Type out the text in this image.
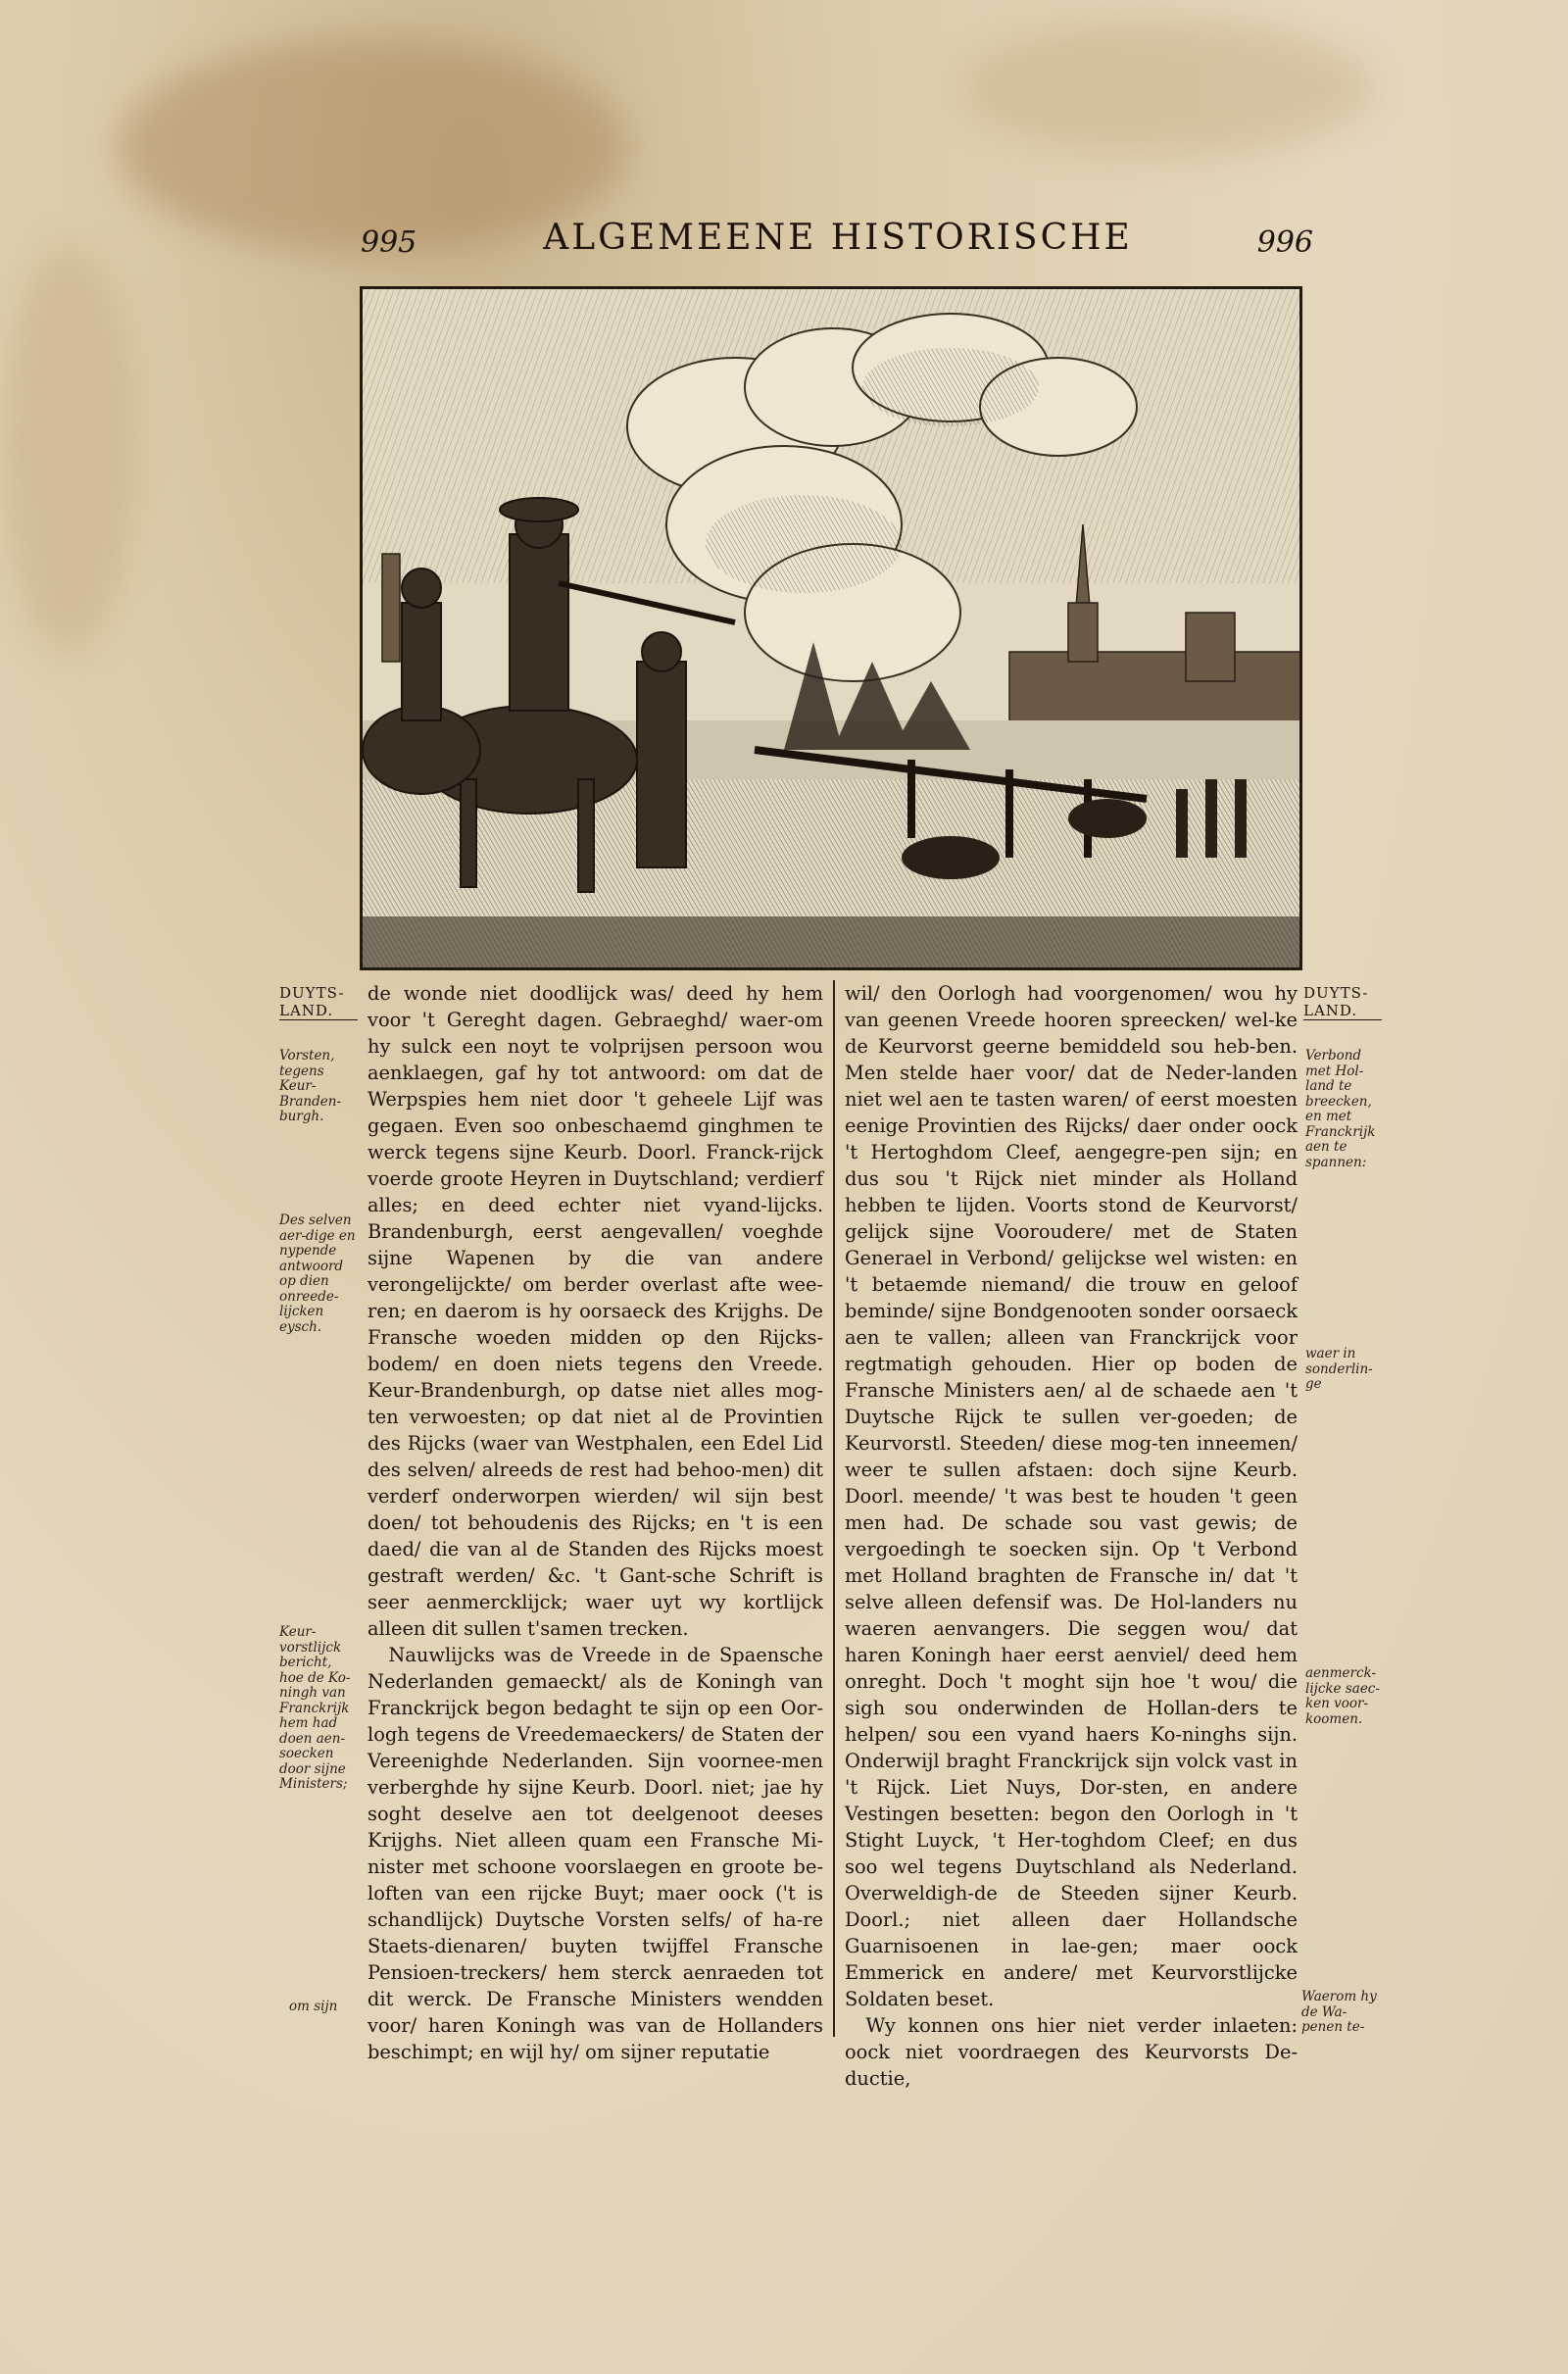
995	ALGEMEENE HISTORISCHE	996
DUYTS-LAND.
DUYTS-LAND.
Vorsten, tegens Keur-Branden-burgh.
Des selven aer-dige en nypende antwoord op dien onreede-lijcken eysch.
Keur-vorstlijck bericht, hoe de Ko-ningh van Franckrijk hem had doen aen-soecken door sijne Ministers;
om sijn
Verbond met Hol-land te breecken, en met Franckrijk aen te spannen:
waer in sonderlin-ge
aenmerck-lijcke saec-ken voor-koomen.
Waerom hy de Wa-penen te-

de wonde niet doodlijck was/ deed hy hem voor 't Gereght dagen. Gebraeghd/ waer-om hy sulck een noyt te volprijsen persoon wou aenklaegen, gaf hy tot antwoord: om dat de Werpspies hem niet door 't geheele Lijf was gegaen. Even soo onbeschaemd ginghmen te werck tegens sijne Keurb. Doorl. Franck-rijck voerde groote Heyren in Duytschland; verdierf alles; en deed echter niet vyand-lijcks. Brandenburgh, eerst aengevallen/ voeghde sijne Wapenen by die van andere verongelijckte/ om berder overlast afte wee-ren; en daerom is hy oorsaeck des Krijghs. De Fransche woeden midden op den Rijcks-bodem/ en doen niets tegens den Vreede. Keur-Brandenburgh, op datse niet alles mog-ten verwoesten; op dat niet al de Provintien des Rijcks (waer van Westphalen, een Edel Lid des selven/ alreeds de rest had behoo-men) dit verderf onderworpen wierden/ wil sijn best doen/ tot behoudenis des Rijcks; en 't is een daed/ die van al de Standen des Rijcks moest gestraft werden/ &c. 't Gant-sche Schrift is seer aenmercklijck; waer uyt wy kortlijck alleen dit sullen t'samen trecken.

Nauwlijcks was de Vreede in de Spaensche Nederlanden gemaeckt/ als de Koningh van Franckrijck begon bedaght te sijn op een Oor-logh tegens de Vreedemaeckers/ de Staten der Vereenighde Nederlanden. Sijn voornee-men verberghde hy sijne Keurb. Doorl. niet; jae hy soght deselve aen tot deelgenoot deeses Krijghs. Niet alleen quam een Fransche Mi-nister met schoone voorslaegen en groote be-loften van een rijcke Buyt; maer oock ('t is schandlijck) Duytsche Vorsten selfs/ of ha-re Staets-dienaren/ buyten twijffel Fransche Pensioen-treckers/ hem sterck aenraeden tot dit werck. De Fransche Ministers wendden voor/ haren Koningh was van de Hollanders beschimpt; en wijl hy/ om sijner reputatie

wil/ den Oorlogh had voorgenomen/ wou hy van geenen Vreede hooren spreecken/ wel-ke de Keurvorst geerne bemiddeld sou heb-ben. Men stelde haer voor/ dat de Neder-landen niet wel aen te tasten waren/ of eerst moesten eenige Provintien des Rijcks/ daer onder oock 't Hertoghdom Cleef, aengegre-pen sijn; en dus sou 't Rijck niet minder als Holland hebben te lijden. Voorts stond de Keurvorst/ gelijck sijne Vooroudere/ met de Staten Generael in Verbond/ gelijckse wel wisten: en 't betaemde niemand/ die trouw en geloof beminde/ sijne Bondgenooten sonder oorsaeck aen te vallen; alleen van Franckrijck voor regtmatigh gehouden. Hier op boden de Fransche Ministers aen/ al de schaede aen 't Duytsche Rijck te sullen ver-goeden; de Keurvorstl. Steeden/ diese mog-ten inneemen/ weer te sullen afstaen: doch sijne Keurb. Doorl. meende/ 't was best te houden 't geen men had. De schade sou vast gewis; de vergoedingh te soecken sijn. Op 't Verbond met Holland braghten de Fransche in/ dat 't selve alleen defensif was. De Hol-landers nu waeren aenvangers. Die seggen wou/ dat haren Koningh haer eerst aenviel/ deed hem onreght. Doch 't moght sijn hoe 't wou/ die sigh sou onderwinden de Hollan-ders te helpen/ sou een vyand haers Ko-ninghs sijn. Onderwijl braght Franckrijck sijn volck vast in 't Rijck. Liet Nuys, Dor-sten, en andere Vestingen besetten: begon den Oorlogh in 't Stight Luyck, 't Her-toghdom Cleef; en dus soo wel tegens Duytschland als Nederland. Overweldigh-de de Steeden sijner Keurb. Doorl.; niet alleen daer Hollandsche Guarnisoenen in lae-gen; maer oock Emmerick en andere/ met Keurvorstlijcke Soldaten beset.

Wy konnen ons hier niet verder inlaeten: oock niet voordraegen des Keurvorsts De-ductie,
